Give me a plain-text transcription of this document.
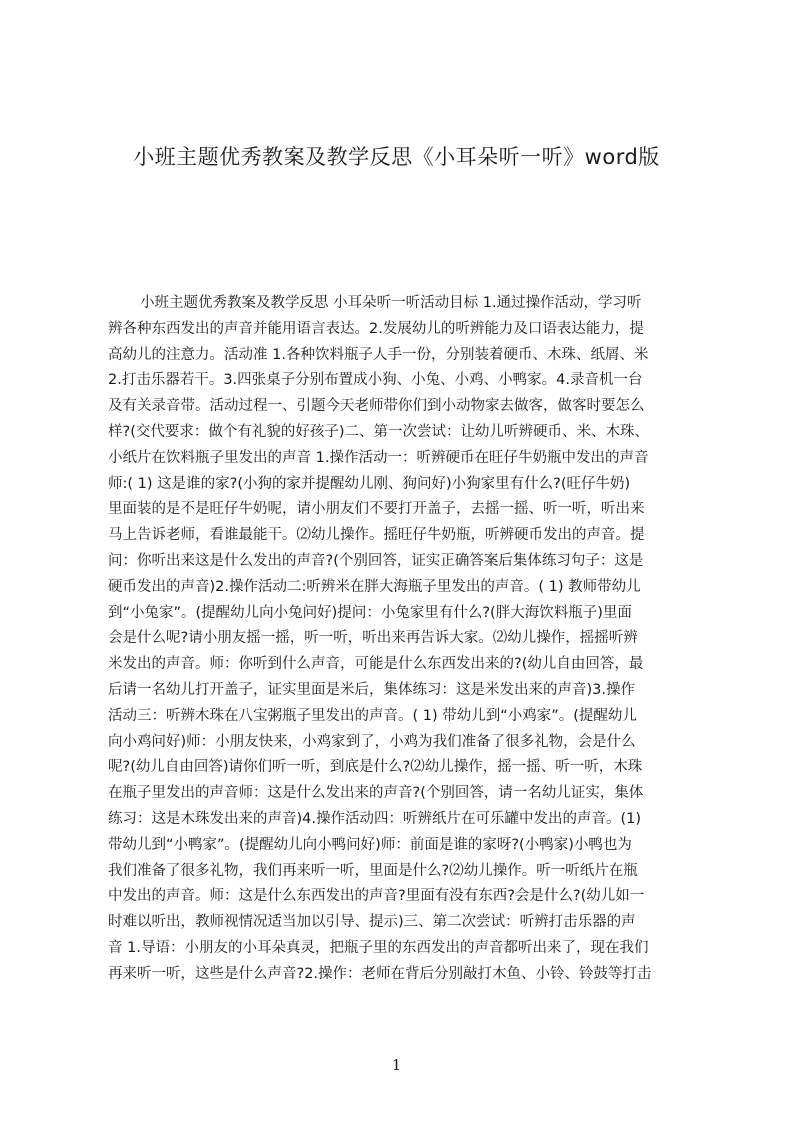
小班主题优秀教案及教学反思《小耳朵听一听》word版
小班主题优秀教案及教学反思 小耳朵听一听活动目标 1.通过操作活动，学习听
辨各种东西发出的声音并能用语言表达。2.发展幼儿的听辨能力及口语表达能力，提
高幼儿的注意力。活动准 1.各种饮料瓶子人手一份，分别装着硬币、木珠、纸屑、米
2.打击乐器若干。3.四张桌子分别布置成小狗、小兔、小鸡、小鸭家。4.录音机一台
及有关录音带。活动过程一、引题今天老师带你们到小动物家去做客，做客时要怎么
样?(交代要求：做个有礼貌的好孩子)二、第一次尝试：让幼儿听辨硬币、米、木珠、
小纸片在饮料瓶子里发出的声音 1.操作活动一：听辨硬币在旺仔牛奶瓶中发出的声音
师:( 1) 这是谁的家?(小狗的家并提醒幼儿刚、狗问好)小狗家里有什么?(旺仔牛奶)
里面装的是不是旺仔牛奶呢，请小朋友们不要打开盖子，去摇一摇、听一听，听出来
马上告诉老师，看谁最能干。⑵幼儿操作。摇旺仔牛奶瓶，听辨硬币发出的声音。提
问：你听出来这是什么发出的声音?(个别回答，证实正确答案后集体练习句子：这是
硬币发出的声音)2.操作活动二:听辨米在胖大海瓶子里发出的声音。( 1) 教师带幼儿
到“小兔家”。(提醒幼儿向小兔问好)提问：小兔家里有什么?(胖大海饮料瓶子)里面
会是什么呢?请小朋友摇一摇，听一听，听出来再告诉大家。⑵幼儿操作，摇摇听辨
米发出的声音。师：你听到什么声音，可能是什么东西发出来的?(幼儿自由回答，最
后请一名幼儿打开盖子，证实里面是米后，集体练习：这是米发出来的声音)3.操作
活动三：听辨木珠在八宝粥瓶子里发出的声音。( 1) 带幼儿到“小鸡家”。(提醒幼儿
向小鸡问好)师：小朋友快来，小鸡家到了，小鸡为我们准备了很多礼物，会是什么
呢?(幼儿自由回答)请你们听一听，到底是什么?⑵幼儿操作，摇一摇、听一听，木珠
在瓶子里发出的声音师：这是什么发出来的声音?(个别回答，请一名幼儿证实，集体
练习：这是木珠发出来的声音)4.操作活动四：听辨纸片在可乐罐中发出的声音。(1)
带幼儿到“小鸭家”。(提醒幼儿向小鸭问好)师：前面是谁的家呀?(小鸭家)小鸭也为
我们准备了很多礼物，我们再来听一听，里面是什么?⑵幼儿操作。听一听纸片在瓶
中发出的声音。师：这是什么东西发出的声音?里面有没有东西?会是什么?(幼儿如一
时难以听出，教师视情况适当加以引导、提示)三、第二次尝试：听辨打击乐器的声
音 1.导语：小朋友的小耳朵真灵，把瓶子里的东西发出的声音都听出来了，现在我们
再来听一听，这些是什么声音?2.操作：老师在背后分别敲打木鱼、小铃、铃鼓等打击
1
